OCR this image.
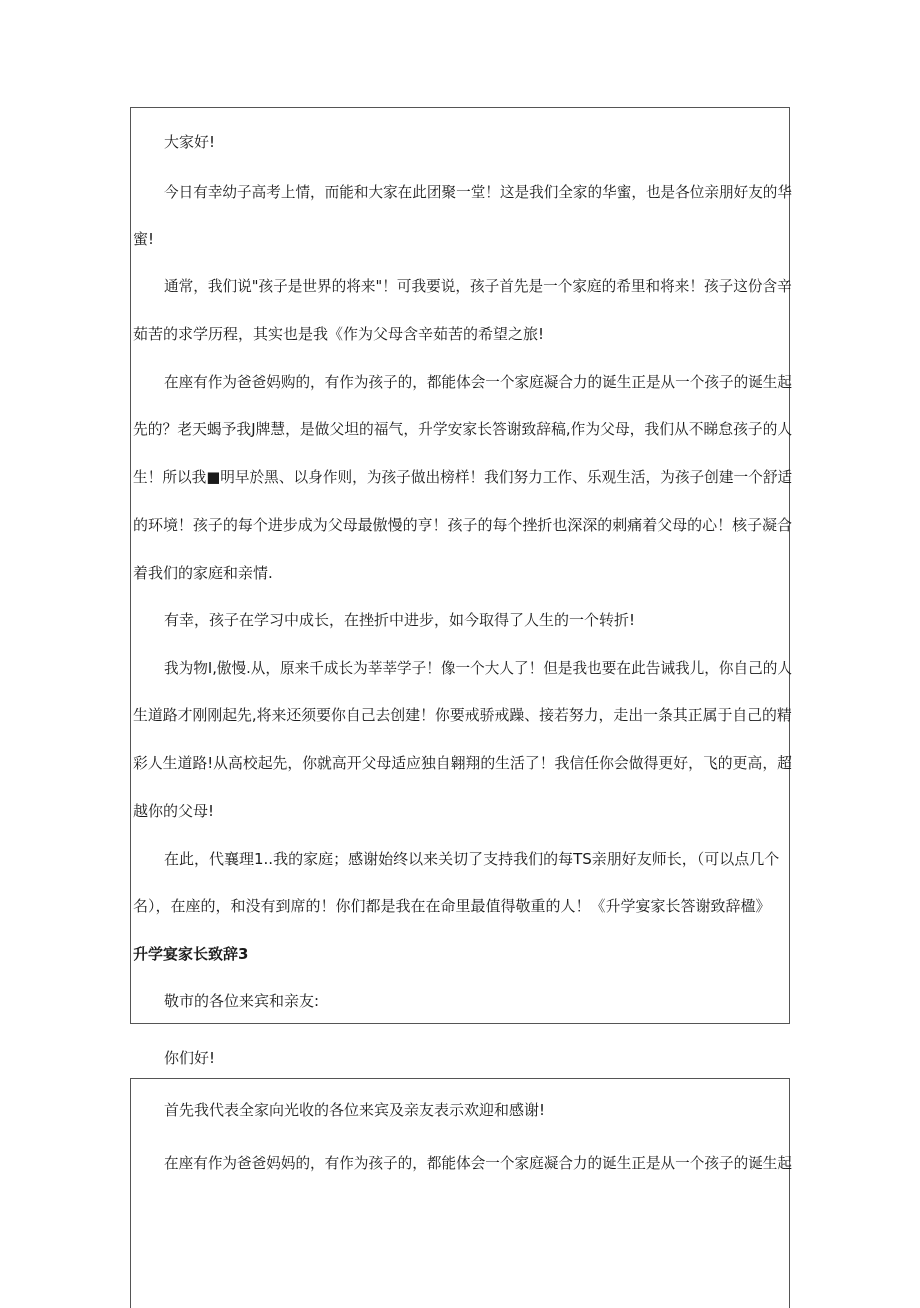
大家好!
今日有幸幼子高考上情，而能和大家在此团聚一堂！这是我们全家的华蜜，也是各位亲朋好友的华
蜜!
通常，我们说"孩子是世界的将来"！可我要说，孩子首先是一个家庭的希里和将来！孩子这份含辛
茹苦的求学历程，其实也是我《作为父母含辛茹苦的希望之旅!
在座有作为爸爸妈购的，有作为孩子的，都能体会一个家庭凝合力的诞生正是从一个孩子的诞生起
先的？老天蝎予我J牌慧，是做父坦的福气，升学安家长答谢致辞稿,作为父母，我们从不睇怠孩子的人
生！所以我■明早於黑、以身作则，为孩子做出榜样！我们努力工作、乐观生活，为孩子创建一个舒适
的环境！孩子的每个进步成为父母最傲慢的亨！孩子的每个挫折也深深的刺痛着父母的心！核子凝合
着我们的家庭和亲情.
有幸，孩子在学习中成长，在挫折中进步，如今取得了人生的一个转折!
我为物I,傲慢.从，原来千成长为莘莘学子！像一个大人了！但是我也要在此告诫我儿，你自己的人
生道路才刚刚起先,将来还须要你自己去创建！你要戒骄戒躁、接若努力，走出一条其正属于自己的精
彩人生道路!从高校起先，你就高开父母适应独自翱翔的生活了！我信任你会做得更好，飞的更高，超
越你的父母!
在此，代襄理1..我的家庭；感谢始终以来关切了支持我们的每TS亲朋好友师长，（可以点几个
名），在座的，和没有到席的！你们都是我在在命里最值得敬重的人！《升学宴家长答谢致辞楹》
升学宴家长致辞3
敬市的各位来宾和亲友:
你们好!
首先我代表全家向光收的各位来宾及亲友表示欢迎和感谢!
在座有作为爸爸妈妈的，有作为孩子的，都能体会一个家庭凝合力的诞生正是从一个孩子的诞生起
